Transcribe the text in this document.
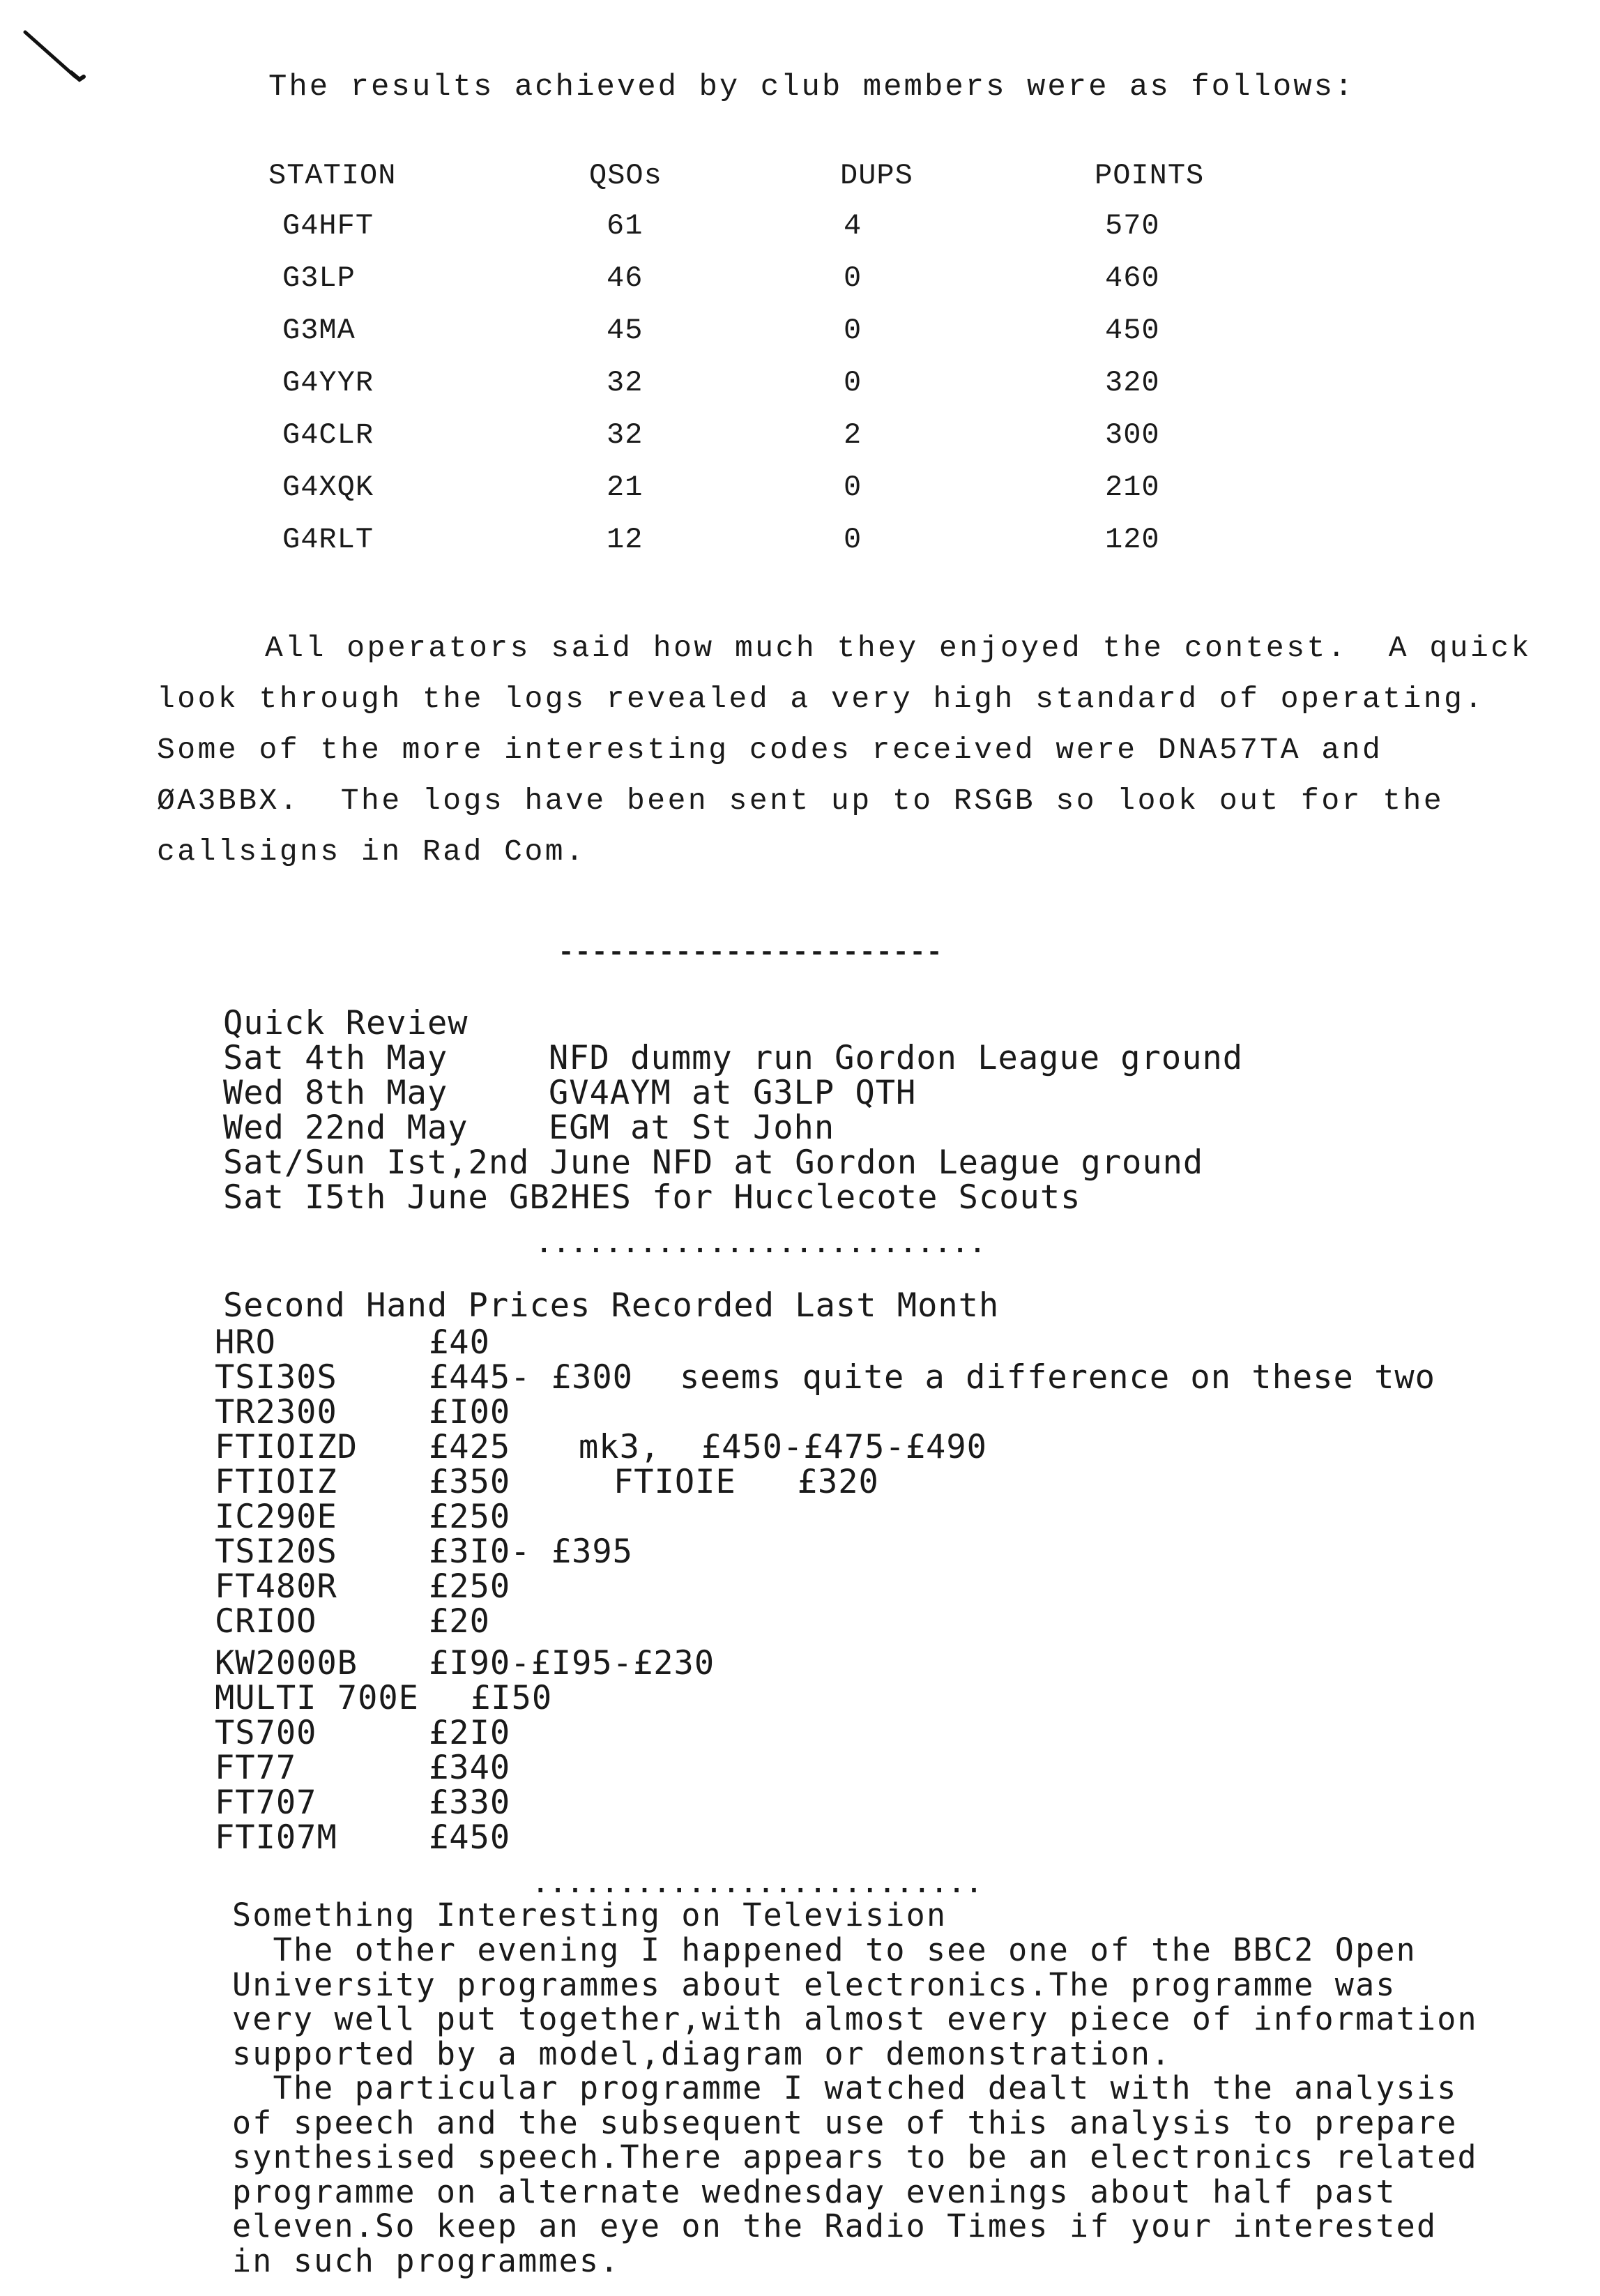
The results achieved by club members were as follows:
STATION	QSOs	DUPS	POINTS
G4HFT	61	4	570
G3LP	46	0	460
G3MA	45	0	450
G4YYR	32	0	320
G4CLR	32	2	300
G4XQK	21	0	210
G4RLT	12	0	120
All operators said how much they enjoyed the contest.  A quick
look through the logs revealed a very high standard of operating.
Some of the more interesting codes received were DNA57TA and
ØA3BBX.  The logs have been sent up to RSGB so look out for the
callsigns in Rad Com.
-----------------------
Quick Review
Sat 4th May	NFD dummy run Gordon League ground
Wed 8th May	GV4AYM at G3LP QTH
Wed 22nd May EGM at St John
Sat/Sun Ist,2nd June NFD at Gordon League ground
Sat I5th June GB2HES for Hucclecote Scouts
..........................
Second Hand Prices Recorded Last Month
HRO	£40
TSI30S	£445- £300 seems quite a difference on these two
TR2300	£I00
FTIOIZD £425 mk3,  £450-£475-£490
FTIOIZ	£350	FTIOIE   £320
IC290E	£250
TSI20S	£3I0- £395
FT480R	£250
CRIOO	£20
KW2000B £I90-£I95-£230
MULTI 700E £I50
TS700	£2I0
FT77	£340
FT707	£330
FTI07M	£450
..........................
Something Interesting on Television
The other evening I happened to see one of the BBC2 Open
University programmes about electronics.The programme was
very well put together,with almost every piece of information
supported by a model,diagram or demonstration.
The particular programme I watched dealt with the analysis
of speech and the subsequent use of this analysis to prepare
synthesised speech.There appears to be an electronics related
programme on alternate wednesday evenings about half past
eleven.So keep an eye on the Radio Times if your interested
in such programmes.
